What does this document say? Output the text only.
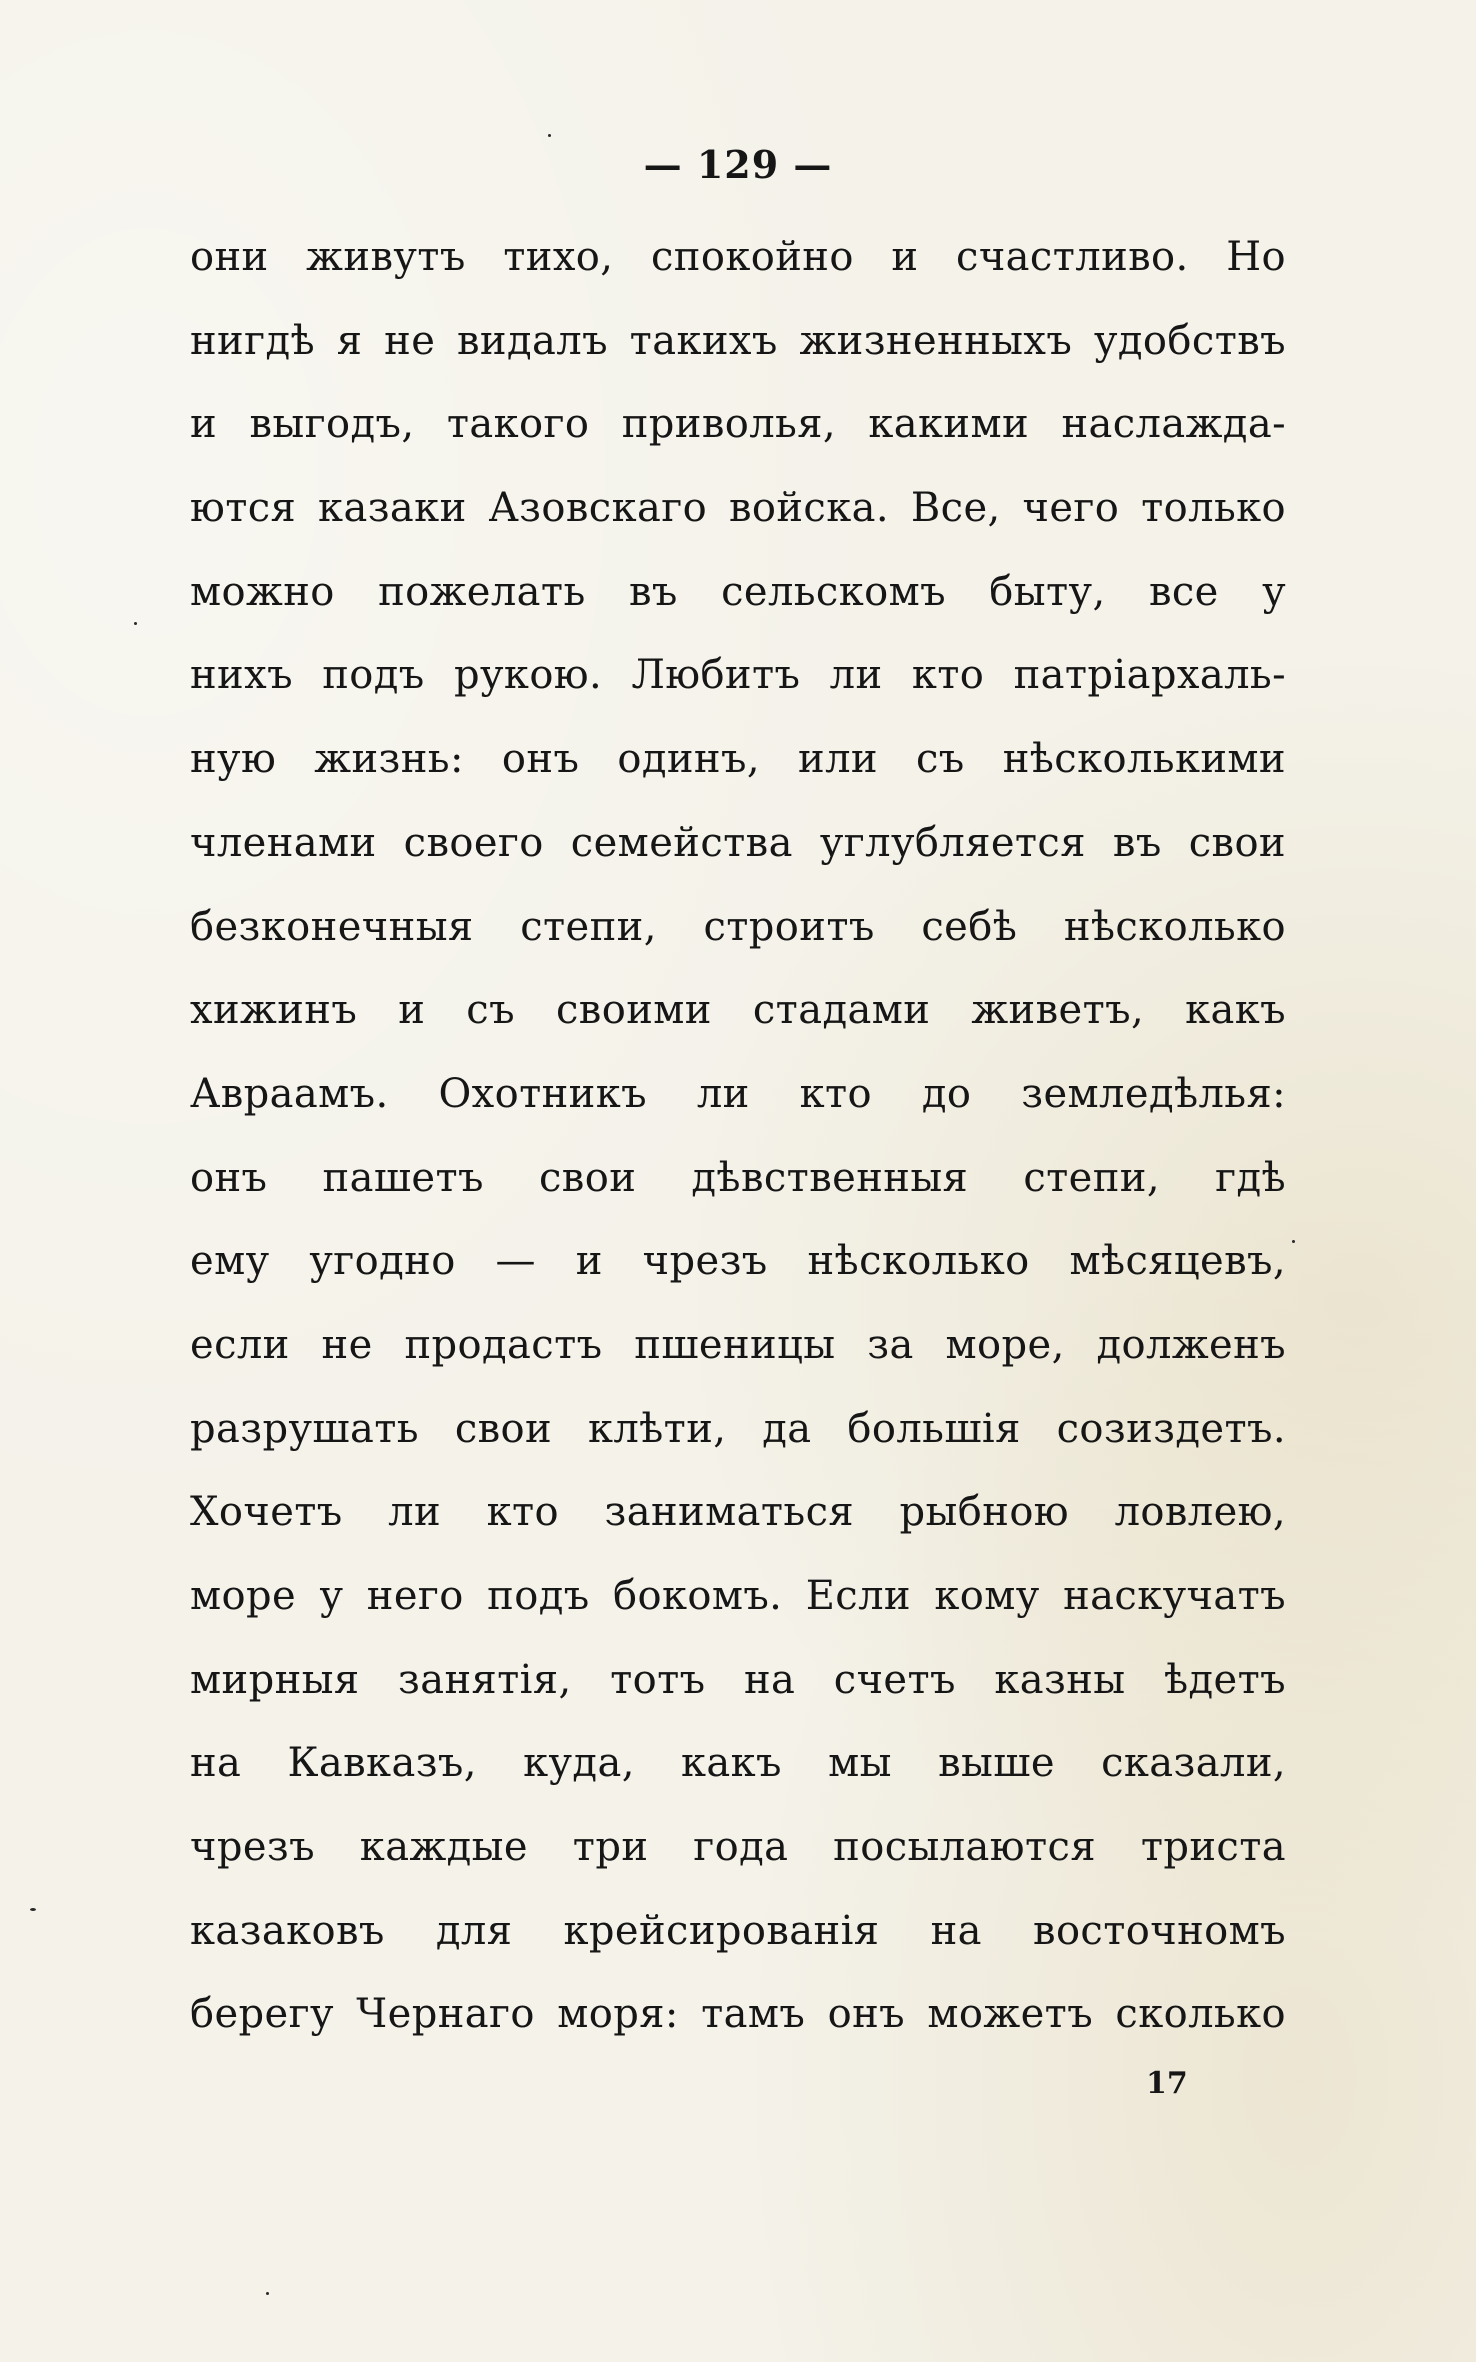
— 129 —
они живутъ тихо, спокойно и счастливо. Но
нигдѣ я не видалъ такихъ жизненныхъ удобствъ
и выгодъ, такого приволья, какими наслажда-
ются казаки Азовскаго войска. Все, чего только
можно пожелать въ сельскомъ быту, все у
нихъ подъ рукою. Любитъ ли кто патріархаль-
ную жизнь: онъ одинъ, или съ нѣсколькими
членами своего семейства углубляется въ свои
безконечныя степи, строитъ себѣ нѣсколько
хижинъ и съ своими стадами живетъ, какъ
Авраамъ. Охотникъ ли кто до земледѣлья:
онъ пашетъ свои дѣвственныя степи, гдѣ
ему угодно — и чрезъ нѣсколько мѣсяцевъ,
если не продастъ пшеницы за море, долженъ
разрушать свои клѣти, да большія созиздетъ.
Хочетъ ли кто заниматься рыбною ловлею,
море у него подъ бокомъ. Если кому наскучатъ
мирныя занятія, тотъ на счетъ казны ѣдетъ
на Кавказъ, куда, какъ мы выше сказали,
чрезъ каждые три года посылаются триста
казаковъ для крейсированія на восточномъ
берегу Чернаго моря: тамъ онъ можетъ сколько
17
